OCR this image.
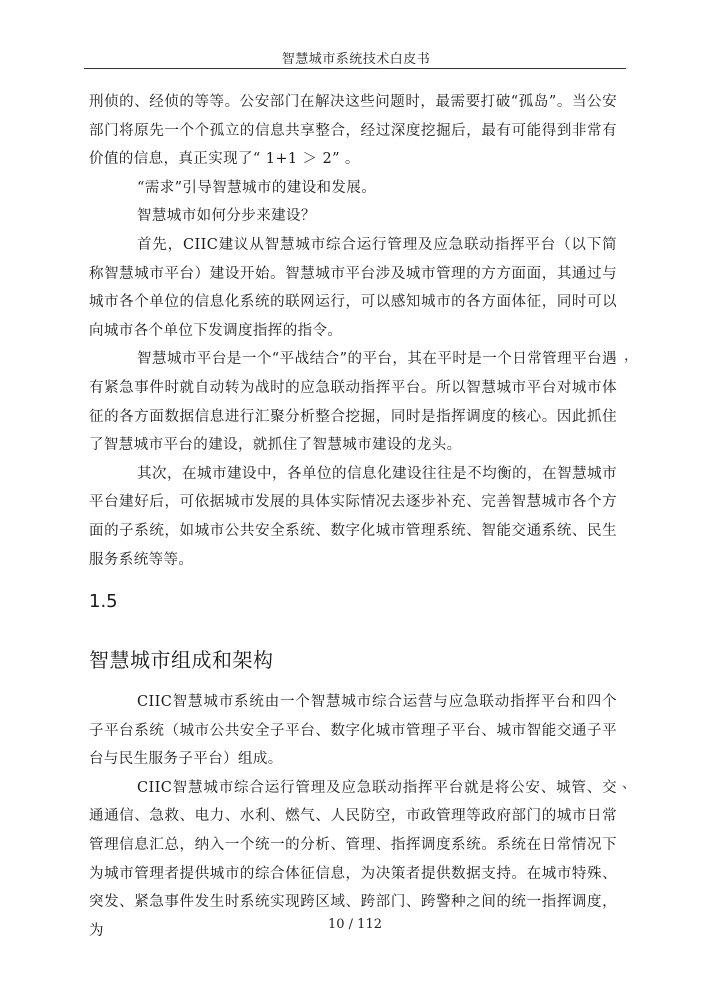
智慧城市系统技术白皮书

刑侦的、经侦的等等。公安部门在解决这些问题时，最需要打破“孤岛”。当公安部门将原先一个个孤立的信息共享整合，经过深度挖掘后，最有可能得到非常有价值的信息，真正实现了“ 1+1 ＞ 2” 。

“需求”引导智慧城市的建设和发展。

智慧城市如何分步来建设？

首先，CIIC建议从智慧城市综合运行管理及应急联动指挥平台（以下简称智慧城市平台）建设开始。智慧城市平台涉及城市管理的方方面面，其通过与城市各个单位的信息化系统的联网运行，可以感知城市的各方面体征，同时可以向城市各个单位下发调度指挥的指令。

智慧城市平台是一个“平战结合”的平台，其在平时是一个日常管理平台遇有紧急事件时就自动转为战时的应急联动指挥平台。所以智慧城市平台对城市体征的各方面数据信息进行汇聚分析整合挖掘，同时是指挥调度的核心。因此抓住了智慧城市平台的建设，就抓住了智慧城市建设的龙头。

其次，在城市建设中，各单位的信息化建设往往是不均衡的，在智慧城市平台建好后，可依据城市发展的具体实际情况去逐步补充、完善智慧城市各个方面的子系统，如城市公共安全系统、数字化城市管理系统、智能交通系统、民生服务系统等等。

1.5
智慧城市组成和架构

CIIC智慧城市系统由一个智慧城市综合运营与应急联动指挥平台和四个子平台系统（城市公共安全子平台、数字化城市管理子平台、城市智能交通子平台与民生服务子平台）组成。

CIIC智慧城市综合运行管理及应急联动指挥平台就是将公安、城管、交通通信、急救、电力、水利、燃气、人民防空，市政管理等政府部门的城市日常管理信息汇总，纳入一个统一的分析、管理、指挥调度系统。系统在日常情况下为城市管理者提供城市的综合体征信息，为决策者提供数据支持。在城市特殊、突发、紧急事件发生时系统实现跨区域、跨部门、跨警种之间的统一指挥调度，为

，
、
10 / 112
